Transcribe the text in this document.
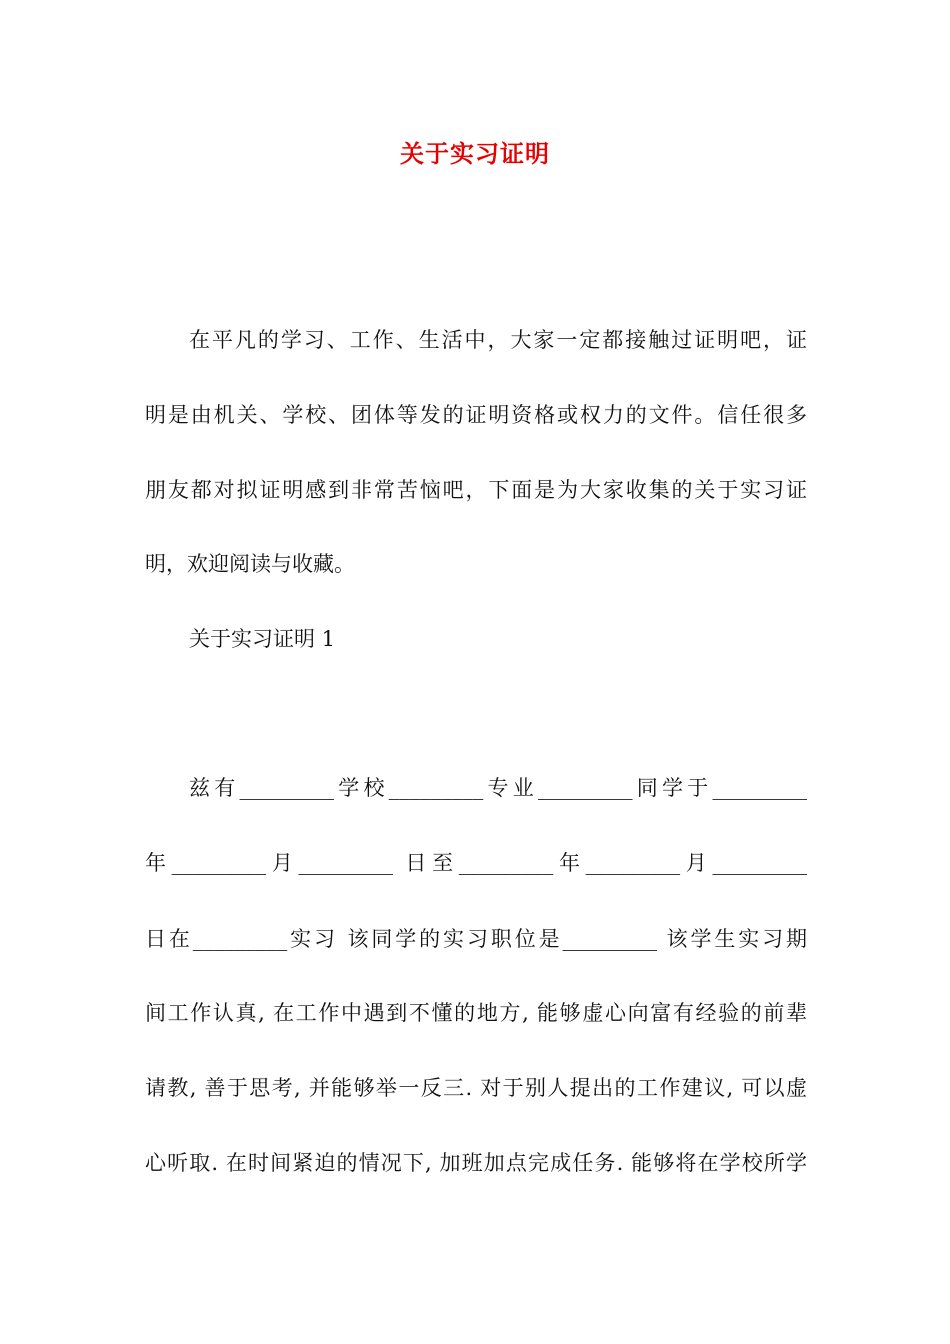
关于实习证明

在平凡的学习、工作、生活中，大家一定都接触过证明吧，证

明是由机关、学校、团体等发的证明资格或权力的文件。信任很多

朋友都对拟证明感到非常苦恼吧，下面是为大家收集的关于实习证

明，欢迎阅读与收藏。

关于实习证明 1

兹有_________学校_________专业_________同学于_________

年_________月_________ 日至_________年_________月_________

日在_________实习 该同学的实习职位是_________ 该学生实习期

间工作认真, 在工作中遇到不懂的地方, 能够虚心向富有经验的前辈

请教, 善于思考, 并能够举一反三. 对于别人提出的工作建议, 可以虚

心听取. 在时间紧迫的情况下, 加班加点完成任务. 能够将在学校所学
